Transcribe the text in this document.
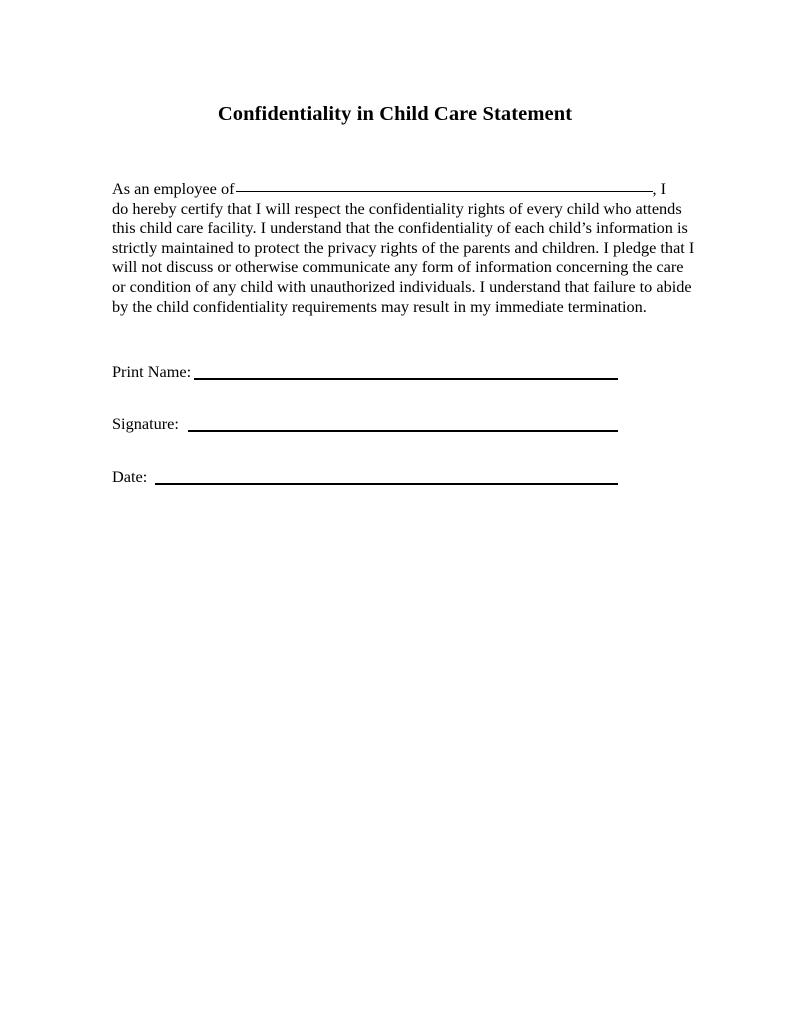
Confidentiality in Child Care Statement
As an employee of	, I
do hereby certify that I will respect the confidentiality rights of every child who attends
this child care facility. I understand that the confidentiality of each child’s information is
strictly maintained to protect the privacy rights of the parents and children. I pledge that I
will not discuss or otherwise communicate any form of information concerning the care
or condition of any child with unauthorized individuals. I understand that failure to abide
by the child confidentiality requirements may result in my immediate termination.
Print Name:
Signature:
Date:
